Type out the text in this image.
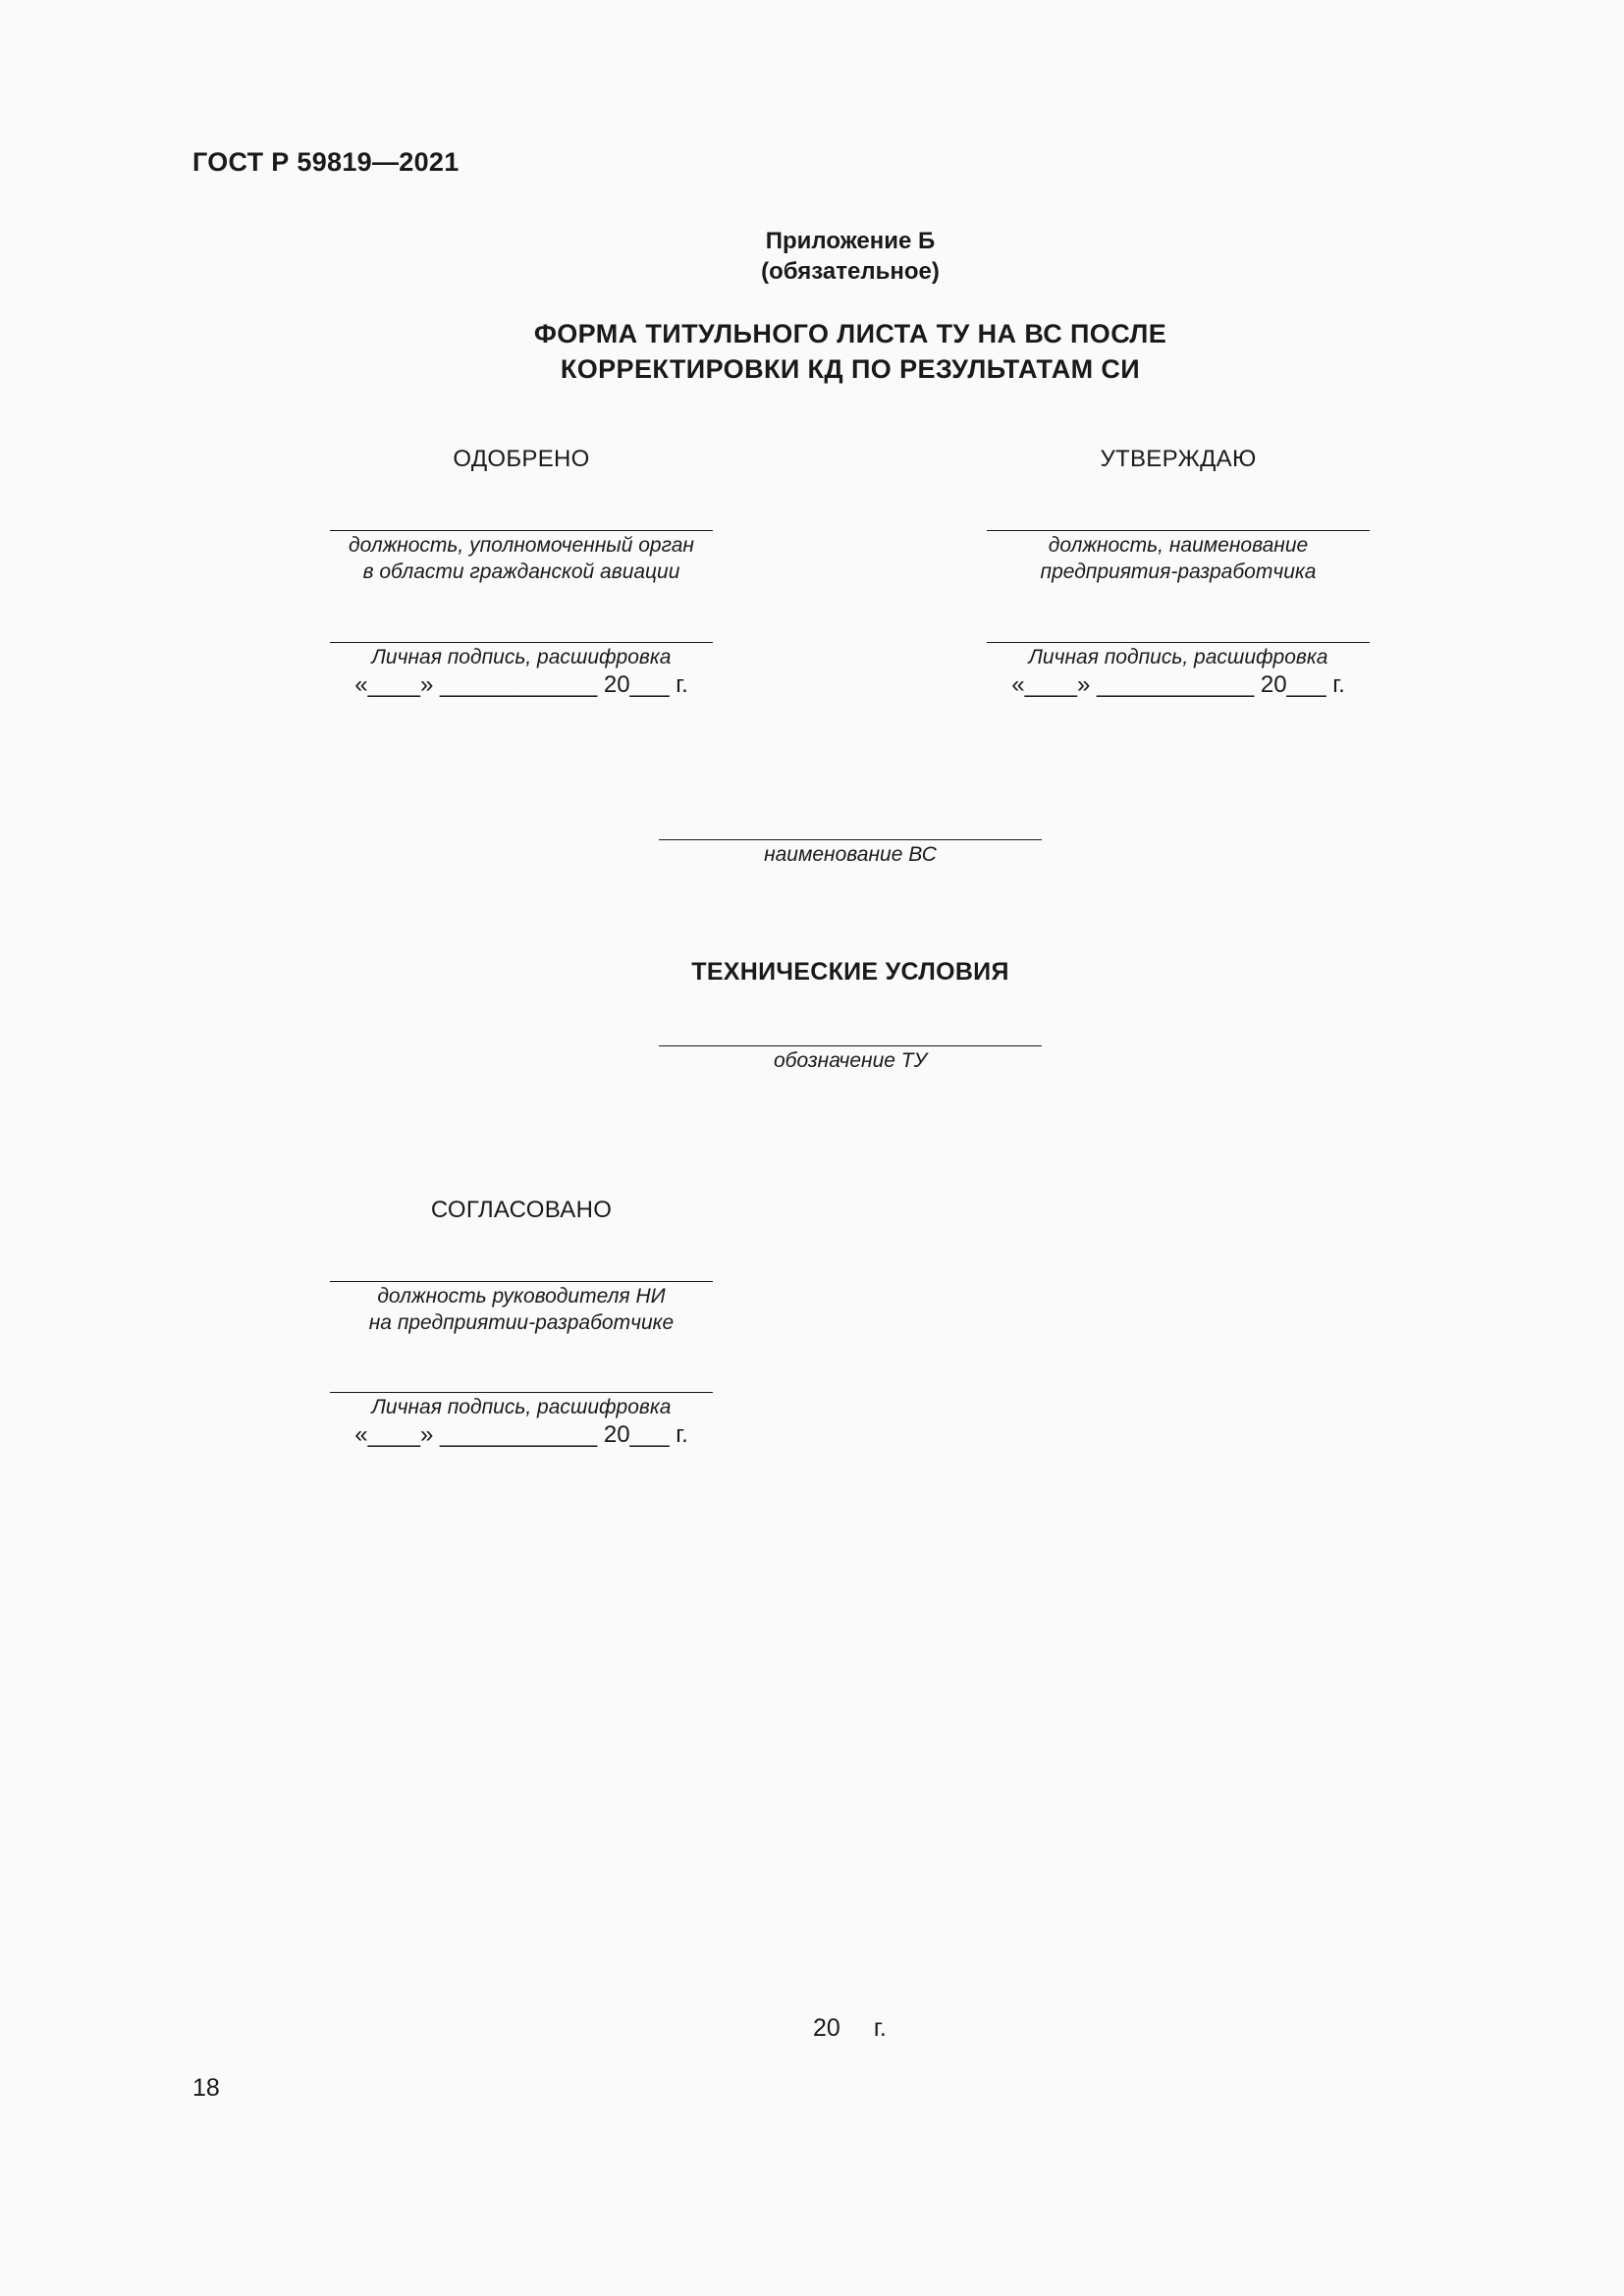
ГОСТ Р 59819—2021
Приложение Б
(обязательное)
ФОРМА ТИТУЛЬНОГО ЛИСТА ТУ НА ВС ПОСЛЕ
КОРРЕКТИРОВКИ КД ПО РЕЗУЛЬТАТАМ СИ
ОДОБРЕНО
должность, уполномоченный орган
в области гражданской авиации
Личная подпись, расшифровка
«____» ____________ 20___ г.
УТВЕРЖДАЮ
должность, наименование
предприятия-разработчика
Личная подпись, расшифровка
«____» ____________ 20___ г.
наименование ВС
ТЕХНИЧЕСКИЕ УСЛОВИЯ
обозначение ТУ
СОГЛАСОВАНО
должность руководителя НИ
на предприятии-разработчике
Личная подпись, расшифровка
«____» ____________ 20___ г.
20 г.
18
